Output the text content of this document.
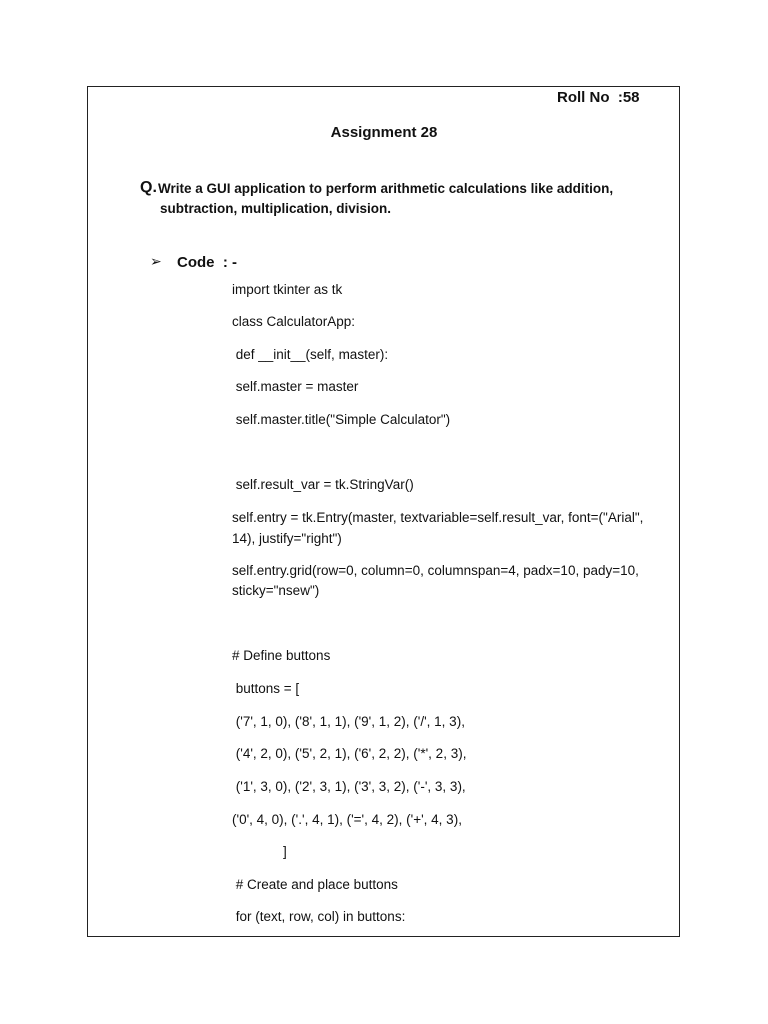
Roll No  :58
Assignment 28
Q. Write a GUI application to perform arithmetic calculations like addition,
subtraction, multiplication, division.
➢ Code  : -
import tkinter as tk
class CalculatorApp:
def __init__(self, master):
self.master = master
self.master.title("Simple Calculator")
self.result_var = tk.StringVar()
self.entry = tk.Entry(master, textvariable=self.result_var, font=("Arial",
14), justify="right")
self.entry.grid(row=0, column=0, columnspan=4, padx=10, pady=10,
sticky="nsew")
# Define buttons
buttons = [
('7', 1, 0), ('8', 1, 1), ('9', 1, 2), ('/', 1, 3),
('4', 2, 0), ('5', 2, 1), ('6', 2, 2), ('*', 2, 3),
('1', 3, 0), ('2', 3, 1), ('3', 3, 2), ('-', 3, 3),
('0', 4, 0), ('.', 4, 1), ('=', 4, 2), ('+', 4, 3),
]
# Create and place buttons
for (text, row, col) in buttons:
